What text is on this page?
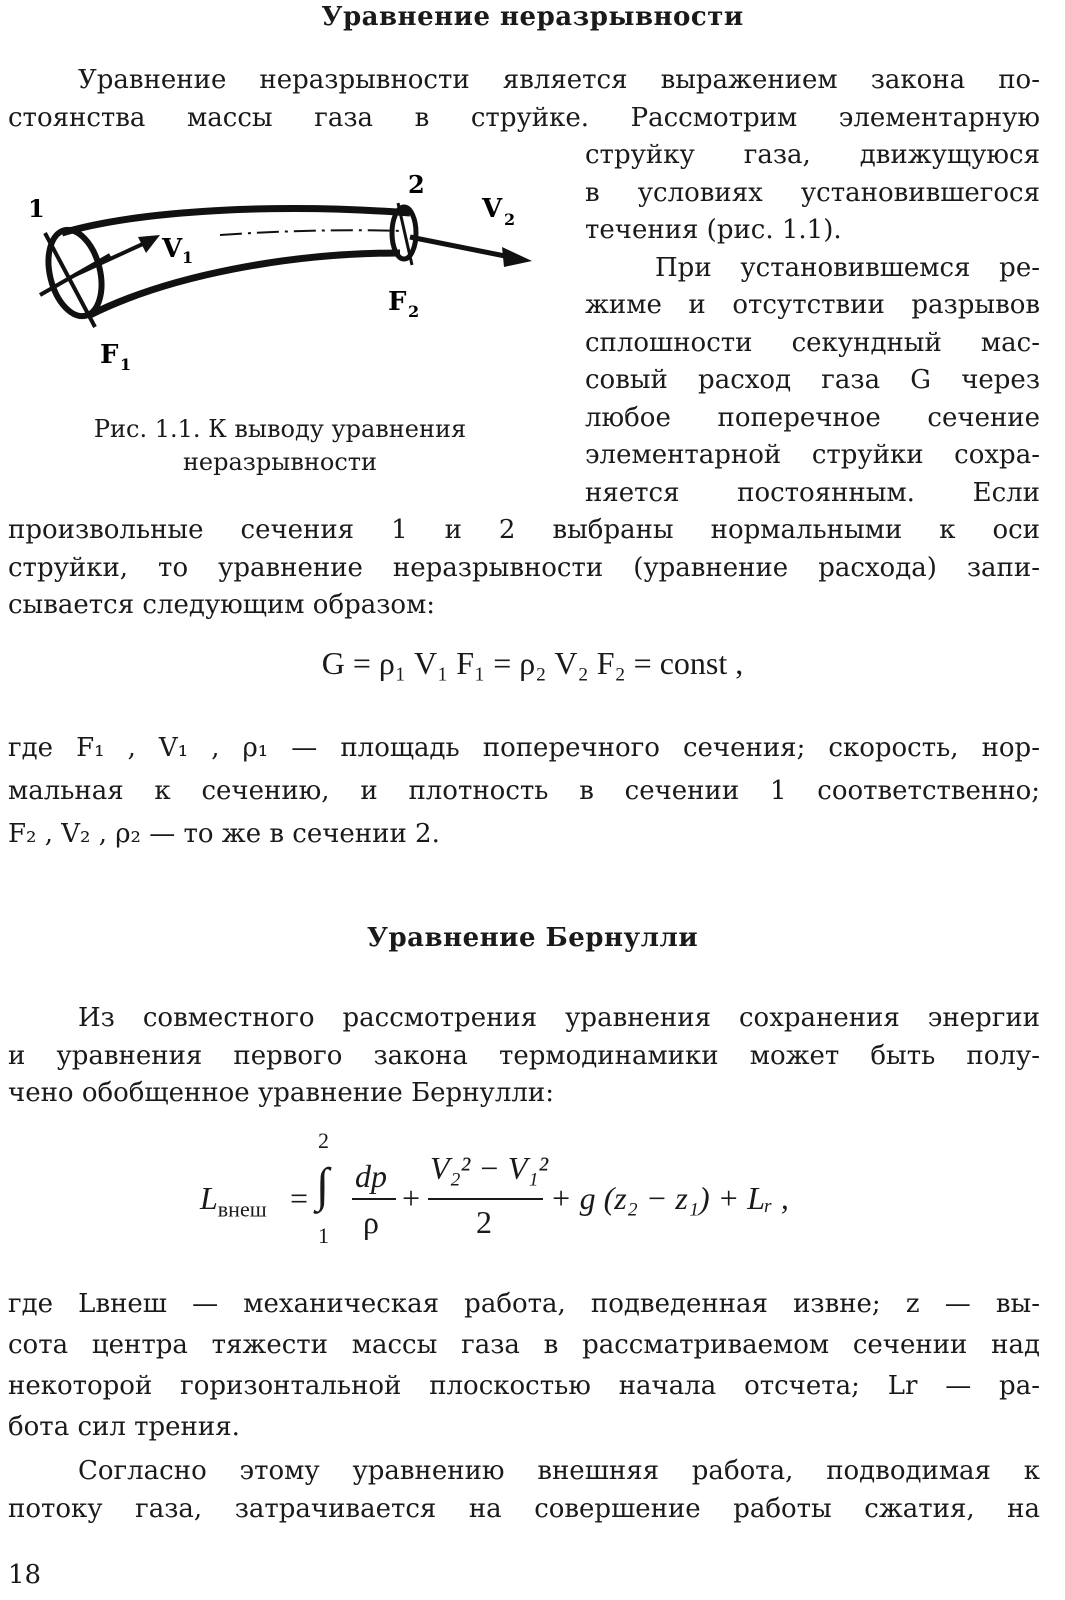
Уравнение неразрывности
Уравнение неразрывности является выражением закона по-
стоянства массы газа в струйке. Рассмотрим элементарную
струйку газа, движущуюся
в условиях установившегося
течения (рис. 1.1).
При установившемся ре-
жиме и отсутствии разрывов
сплошности секундный мас-
совый расход газа G через
любое поперечное сечение
элементарной струйки сохра-
няется постоянным. Если
1
2
V 1
V 2
F 1
F 2
Рис. 1.1. К выводу уравнения
неразрывности
произвольные сечения 1 и 2 выбраны нормальными к оси
струйки, то уравнение неразрывности (уравнение расхода) запи-
сывается следующим образом:
G = ρ₁ V₁ F₁ = ρ₂ V₂ F₂ = const ,
где F₁ , V₁ , ρ₁ — площадь поперечного сечения; скорость, нор-
мальная к сечению, и плотность в сечении 1 соответственно;
F₂ , V₂ , ρ₂ — то же в сечении 2.
Уравнение Бернулли
Из совместного рассмотрения уравнения сохранения энергии
и уравнения первого закона термодинамики может быть полу-
чено обобщенное уравнение Бернулли:
$L_{внеш}$ =
2
∫
1
dp
ρ
+
V₂² − V₁²
2
+ g (z₂ − z₁) + Lᵣ ,
где Lвнеш — механическая работа, подведенная извне; z — вы-
сота центра тяжести массы газа в рассматриваемом сечении над
некоторой горизонтальной плоскостью начала отсчета; Lr — ра-
бота сил трения.
Согласно этому уравнению внешняя работа, подводимая к
потоку газа, затрачивается на совершение работы сжатия, на
18
